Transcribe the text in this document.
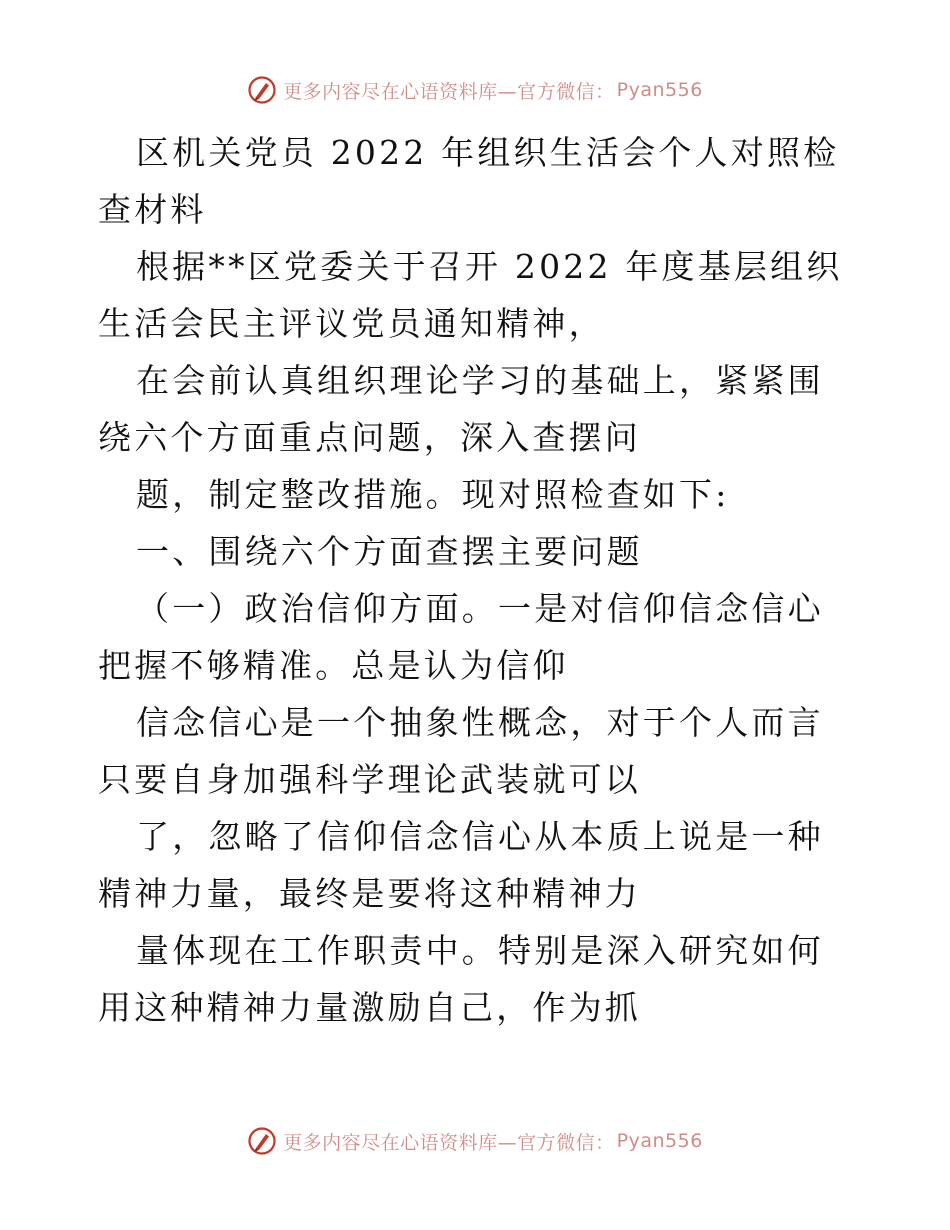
更多内容尽在心语资料库—官方微信： Pyan556

区机关党员 2022 年组织生活会个人对照检查材料

根据**区党委关于召开 2022 年度基层组织生活会民主评议党员通知精神，

在会前认真组织理论学习的基础上，紧紧围绕六个方面重点问题，深入查摆问

题，制定整改措施。现对照检查如下:

一、围绕六个方面查摆主要问题

（一）政治信仰方面。一是对信仰信念信心把握不够精准。总是认为信仰

信念信心是一个抽象性概念，对于个人而言只要自身加强科学理论武装就可以

了，忽略了信仰信念信心从本质上说是一种精神力量，最终是要将这种精神力

量体现在工作职责中。特别是深入研究如何用这种精神力量激励自己，作为抓

更多内容尽在心语资料库—官方微信： Pyan556
